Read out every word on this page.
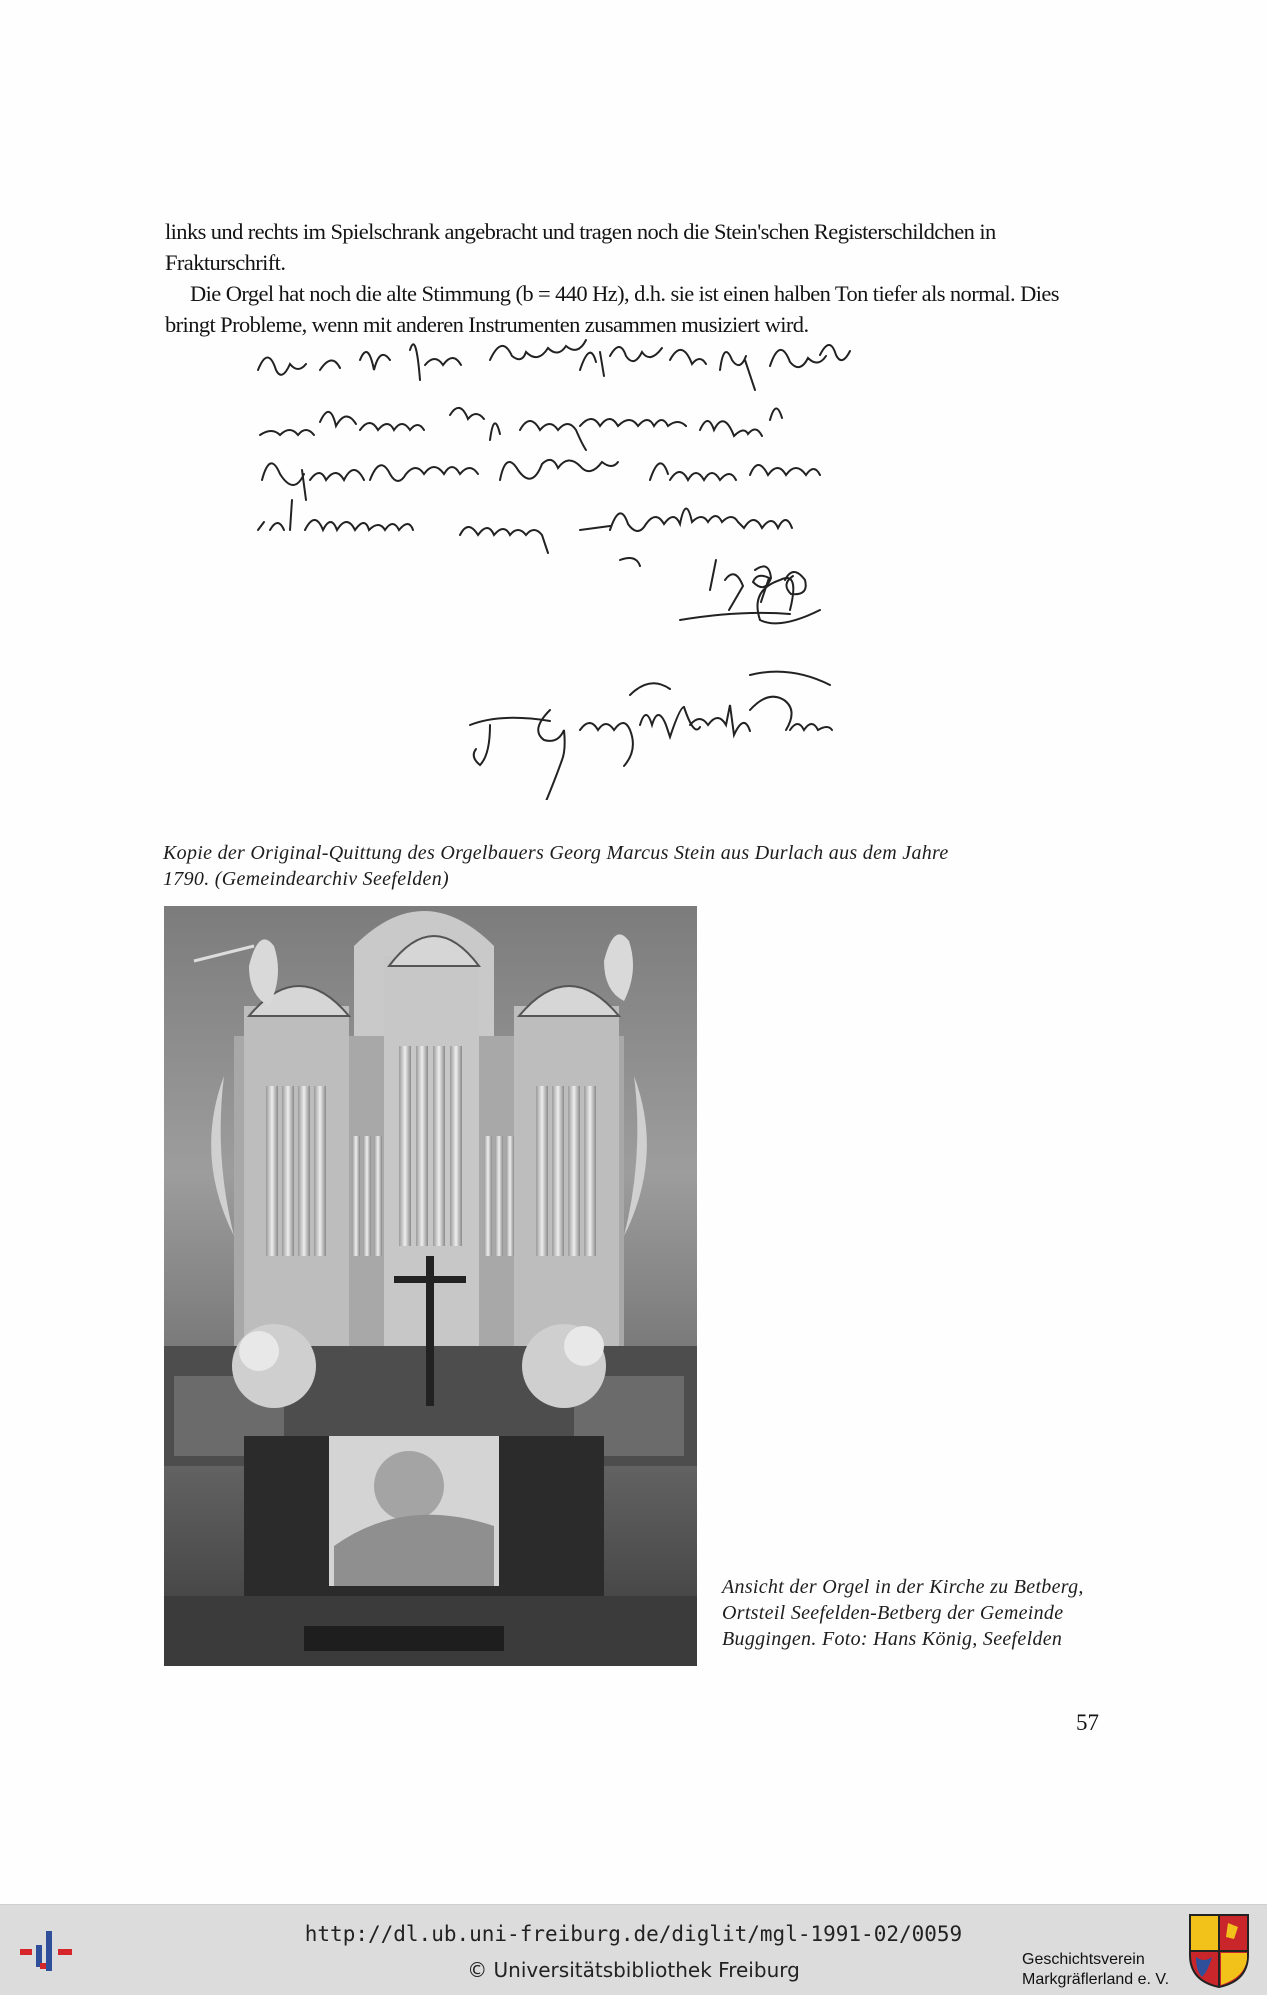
links und rechts im Spielschrank angebracht und tragen noch die Stein'schen Registerschildchen in Frakturschrift.

Die Orgel hat noch die alte Stimmung (b = 440 Hz), d.h. sie ist einen halben Ton tiefer als normal. Dies bringt Probleme, wenn mit anderen Instrumenten zusammen musiziert wird.

Kopie der Original-Quittung des Orgelbauers Georg Marcus Stein aus Durlach aus dem Jahre 1790. (Gemeindearchiv Seefelden)

Ansicht der Orgel in der Kirche zu Betberg, Ortsteil Seefelden-Betberg der Gemeinde Buggingen. Foto: Hans König, Seefelden

57
http://dl.ub.uni-freiburg.de/diglit/mgl-1991-02/0059
© Universitätsbibliothek Freiburg	Geschichtsverein
Markgräflerland e. V.
